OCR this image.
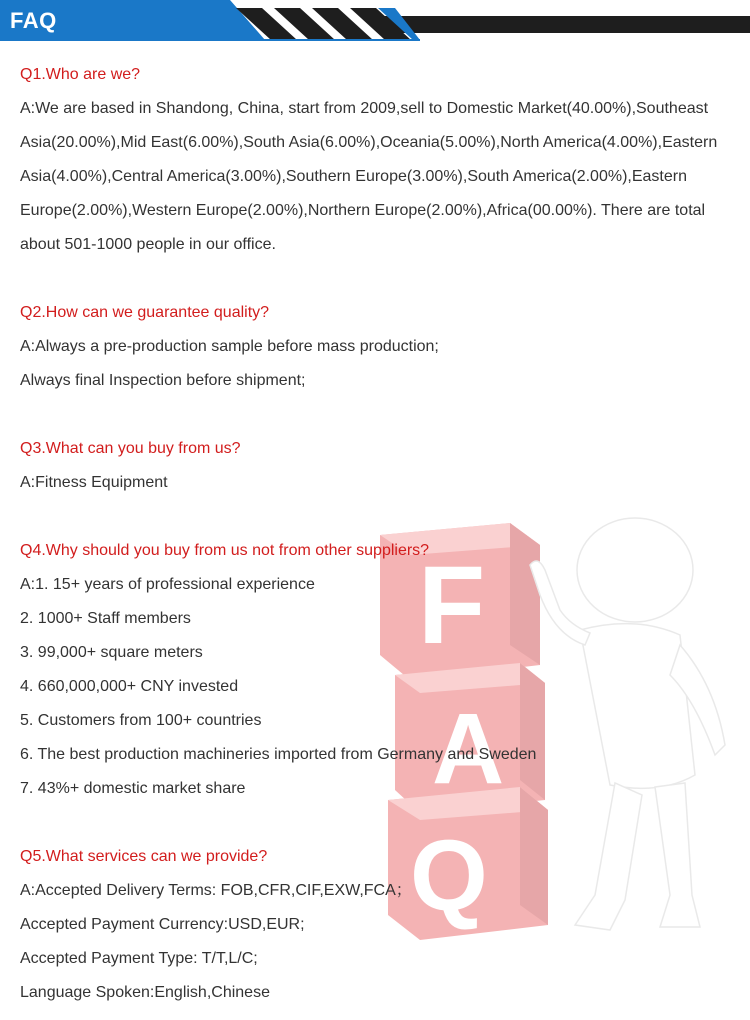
FAQ
F
A
Q
Q1.Who are we?
A:We are based in Shandong, China, start from 2009,sell to Domestic Market(40.00%),Southeast
Asia(20.00%),Mid East(6.00%),South Asia(6.00%),Oceania(5.00%),North America(4.00%),Eastern
Asia(4.00%),Central America(3.00%),Southern Europe(3.00%),South America(2.00%),Eastern
Europe(2.00%),Western Europe(2.00%),Northern Europe(2.00%),Africa(00.00%). There are total
about 501-1000 people in our office.
Q2.How can we guarantee quality?
A:Always a pre-production sample before mass production;
Always final Inspection before shipment;
Q3.What can you buy from us?
A:Fitness Equipment
Q4.Why should you buy from us not from other suppliers?
A:1. 15+ years of professional experience
2. 1000+ Staff members
3. 99,000+ square meters
4. 660,000,000+ CNY invested
5. Customers from 100+ countries
6. The best production machineries imported from Germany and Sweden
7. 43%+ domestic market share
Q5.What services can we provide?
A:Accepted Delivery Terms: FOB,CFR,CIF,EXW,FCA；
Accepted Payment Currency:USD,EUR;
Accepted Payment Type: T/T,L/C;
Language Spoken:English,Chinese
